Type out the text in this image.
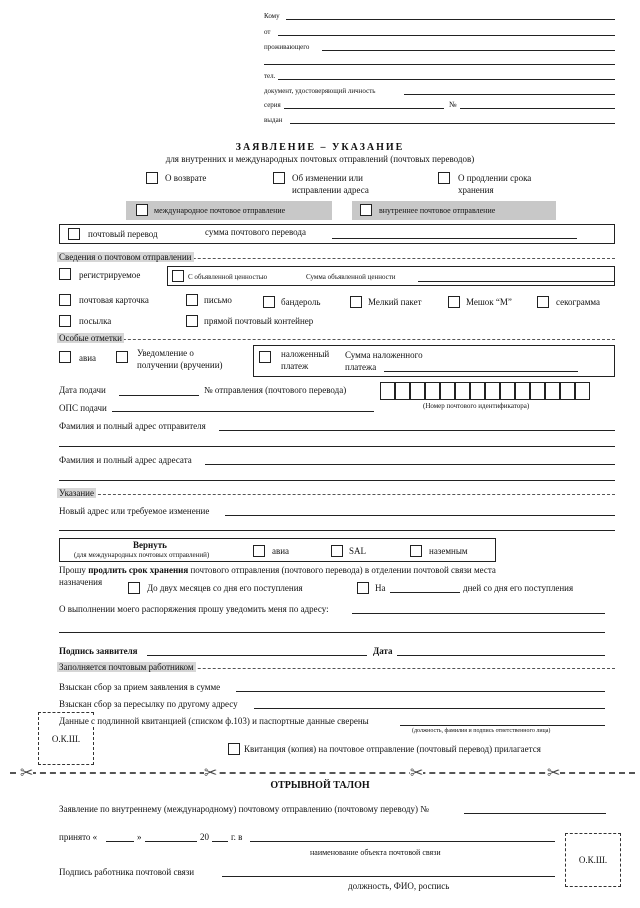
Кому
от
проживающего
тел.
документ, удостоверяющий личность
серия	№
выдан
ЗАЯВЛЕНИЕ – УКАЗАНИЕ
для внутренних и международных почтовых отправлений (почтовых переводов)
О возврате	Об изменении или
исправлении адреса
О продлении срока
хранения
международное почтовое отправление	внутреннее почтовое отправление
почтовый перевод	сумма почтового перевода
Сведения о почтовом отправлении
регистрируемое	С объявленной ценностью	Сумма объявленной ценности
почтовая карточка	письмо	бандероль	Мелкий пакет	Мешок “М”	секограмма
посылка	прямой почтовый контейнер
Особые отметки
авиа	Уведомление о
получении (вручении)
наложенный
платеж
Сумма наложенного
платежа
Дата подачи	№ отправления (почтового перевода)
ОПС подачи	(Номер почтового идентификатора)
Фамилия и полный адрес отправителя
Фамилия и полный адрес адресата
Указание
Новый адрес или требуемое изменение
Вернуть
(для международных почтовых отправлений)	авиа	SAL	наземным
Прошу продлить срок хранения почтового отправления (почтового перевода) в отделении почтовой связи места
назначения
До двух месяцев со дня его поступления	На	дней со дня его поступления
О выполнении моего распоряжения прошу уведомить меня по адресу:
Подпись заявителя	Дата
Заполняется почтовым работником
Взыскан сбор за прием заявления в сумме
Взыскан сбор за пересылку по другому адресу
О.К.Ш.
Данные с подлинной квитанцией (списком ф.103) и паспортные данные сверены
(должность, фамилия и подпись ответственного лица)
Квитанция (копия) на почтовое отправление (почтовый перевод) прилагается
✂	✂	✂	✂
ОТРЫВНОЙ ТАЛОН
Заявление по внутреннему (международному) почтовому отправлению (почтовому переводу) №
принято «	»	20 г. в
наименование объекта почтовой связи
О.К.Ш.
Подпись работника почтовой связи
должность, ФИО, роспись
